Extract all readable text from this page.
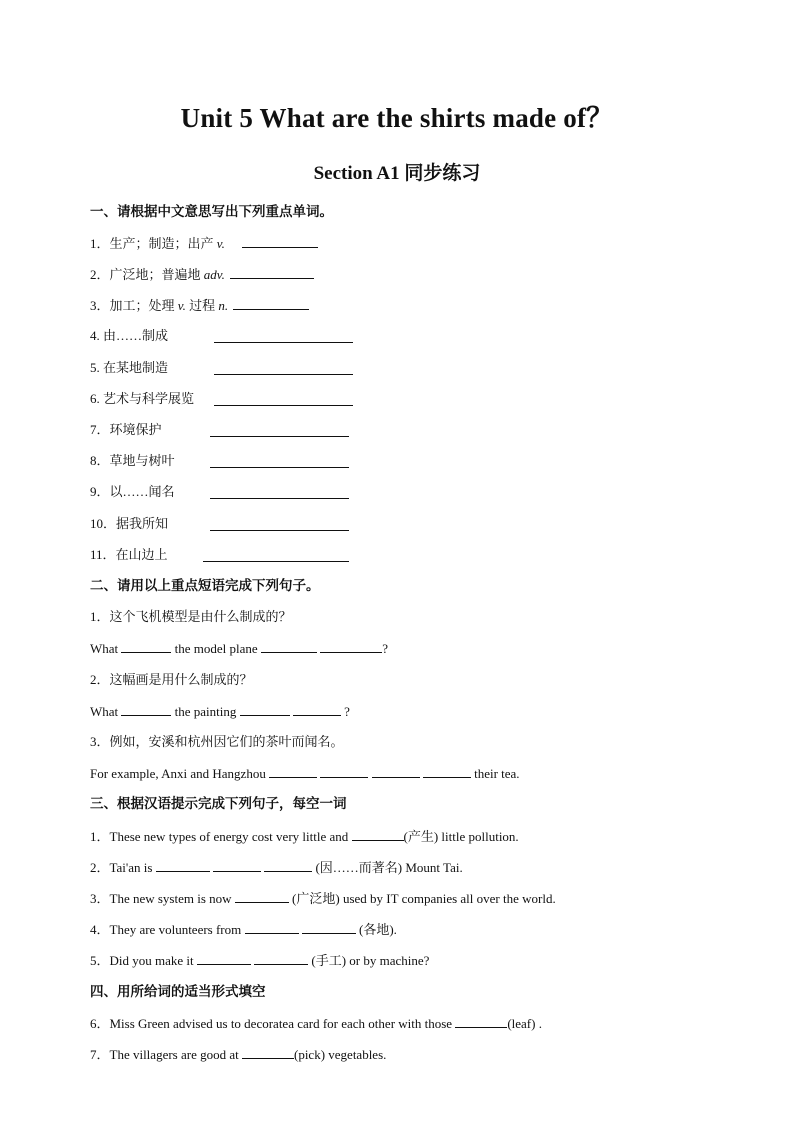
Unit 5 What are the shirts made of？
Section A1 同步练习
一、请根据中文意思写出下列重点单词。
1．生产；制造；出产 v.
2．广泛地；普遍地 adv.
3．加工；处理 v. 过程 n.
4. 由……制成
5. 在某地制造
6. 艺术与科学展览
7．环境保护
8．草地与树叶
9．以……闻名
10．据我所知
11．在山边上
二、请用以上重点短语完成下列句子。
1．这个飞机模型是由什么制成的？
What	the model plane	?
2．这幅画是用什么制成的？
What	the painting	?
3．例如，安溪和杭州因它们的茶叶而闻名。
For example, Anxi and Hangzhou	their tea.
三、根据汉语提示完成下列句子，每空一词
1．These new types of energy cost very little and	(产生) little pollution.
2．Tai'an is	(因……而著名) Mount Tai.
3．The new system is now	(广泛地) used by IT companies all over the world.
4．They are volunteers from	(各地).
5．Did you make it	(手工) or by machine?
四、用所给词的适当形式填空
6．Miss Green advised us to decoratea card for each other with those	(leaf) .
7．The villagers are good at	(pick) vegetables.
